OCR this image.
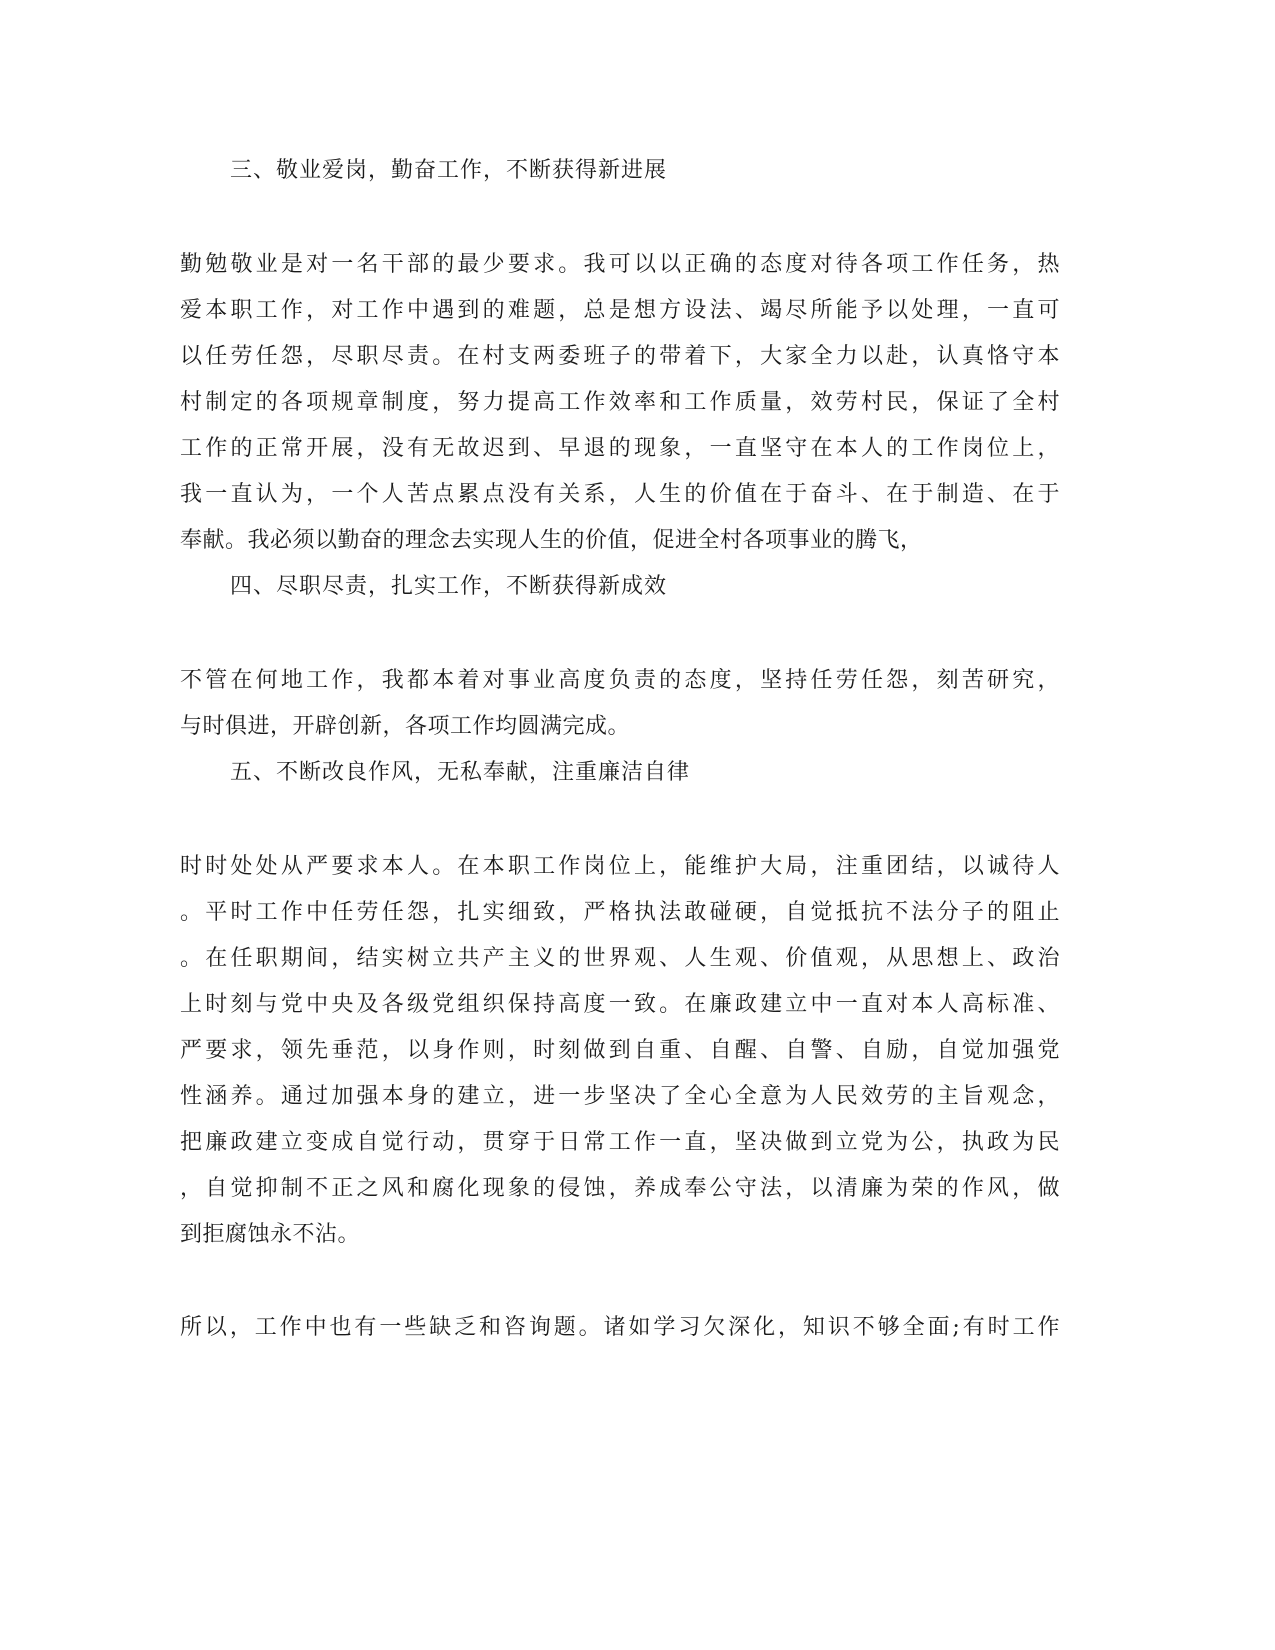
三、敬业爱岗，勤奋工作，不断获得新进展
勤勉敬业是对一名干部的最少要求。我可以以正确的态度对待各项工作任务，热
爱本职工作，对工作中遇到的难题，总是想方设法、竭尽所能予以处理，一直可
以任劳任怨，尽职尽责。在村支两委班子的带着下，大家全力以赴，认真恪守本
村制定的各项规章制度，努力提高工作效率和工作质量，效劳村民，保证了全村
工作的正常开展，没有无故迟到、早退的现象，一直坚守在本人的工作岗位上，
我一直认为，一个人苦点累点没有关系，人生的价值在于奋斗、在于制造、在于
奉献。我必须以勤奋的理念去实现人生的价值，促进全村各项事业的腾飞，
四、尽职尽责，扎实工作，不断获得新成效
不管在何地工作，我都本着对事业高度负责的态度，坚持任劳任怨，刻苦研究，
与时俱进，开辟创新，各项工作均圆满完成。
五、不断改良作风，无私奉献，注重廉洁自律
时时处处从严要求本人。在本职工作岗位上，能维护大局，注重团结，以诚待人
。平时工作中任劳任怨，扎实细致，严格执法敢碰硬，自觉抵抗不法分子的阻止
。在任职期间，结实树立共产主义的世界观、人生观、价值观，从思想上、政治
上时刻与党中央及各级党组织保持高度一致。在廉政建立中一直对本人高标准、
严要求，领先垂范，以身作则，时刻做到自重、自醒、自警、自励，自觉加强党
性涵养。通过加强本身的建立，进一步坚决了全心全意为人民效劳的主旨观念，
把廉政建立变成自觉行动，贯穿于日常工作一直，坚决做到立党为公，执政为民
，自觉抑制不正之风和腐化现象的侵蚀，养成奉公守法，以清廉为荣的作风，做
到拒腐蚀永不沾。
所以，工作中也有一些缺乏和咨询题。诸如学习欠深化，知识不够全面;有时工作
